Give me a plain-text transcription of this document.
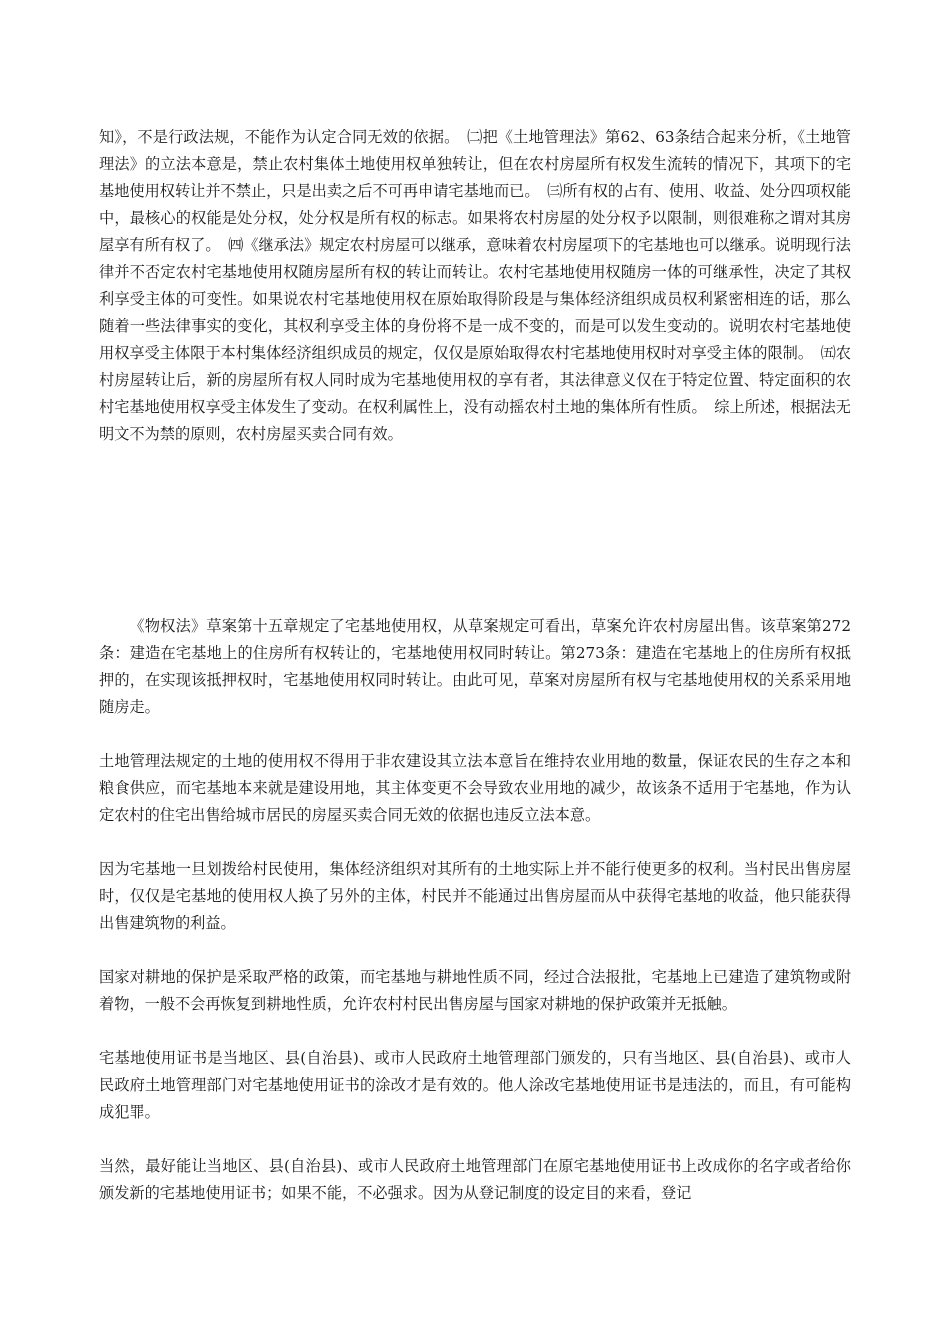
知》，不是行政法规，不能作为认定合同无效的依据。　㈡把《土地管理法》第62、63条结合起来分析，《土地管理法》的立法本意是，禁止农村集体土地使用权单独转让，但在农村房屋所有权发生流转的情况下，其项下的宅基地使用权转让并不禁止，只是出卖之后不可再申请宅基地而已。　㈢所有权的占有、使用、收益、处分四项权能中，最核心的权能是处分权，处分权是所有权的标志。如果将农村房屋的处分权予以限制，则很难称之谓对其房屋享有所有权了。　㈣《继承法》规定农村房屋可以继承，意味着农村房屋项下的宅基地也可以继承。说明现行法律并不否定农村宅基地使用权随房屋所有权的转让而转让。农村宅基地使用权随房一体的可继承性，决定了其权利享受主体的可变性。如果说农村宅基地使用权在原始取得阶段是与集体经济组织成员权利紧密相连的话，那么随着一些法律事实的变化，其权利享受主体的身份将不是一成不变的，而是可以发生变动的。说明农村宅基地使用权享受主体限于本村集体经济组织成员的规定，仅仅是原始取得农村宅基地使用权时对享受主体的限制。　㈤农村房屋转让后，新的房屋所有权人同时成为宅基地使用权的享有者，其法律意义仅在于特定位置、特定面积的农村宅基地使用权享受主体发生了变动。在权利属性上，没有动摇农村土地的集体所有性质。　综上所述，根据法无明文不为禁的原则，农村房屋买卖合同有效。

《物权法》草案第十五章规定了宅基地使用权，从草案规定可看出，草案允许农村房屋出售。该草案第272条：建造在宅基地上的住房所有权转让的，宅基地使用权同时转让。第273条：建造在宅基地上的住房所有权抵押的，在实现该抵押权时，宅基地使用权同时转让。由此可见，草案对房屋所有权与宅基地使用权的关系采用地随房走。

土地管理法规定的土地的使用权不得用于非农建设其立法本意旨在维持农业用地的数量，保证农民的生存之本和粮食供应，而宅基地本来就是建设用地，其主体变更不会导致农业用地的减少，故该条不适用于宅基地，作为认定农村的住宅出售给城市居民的房屋买卖合同无效的依据也违反立法本意。

因为宅基地一旦划拨给村民使用，集体经济组织对其所有的土地实际上并不能行使更多的权利。当村民出售房屋时，仅仅是宅基地的使用权人换了另外的主体，村民并不能通过出售房屋而从中获得宅基地的收益，他只能获得出售建筑物的利益。

国家对耕地的保护是采取严格的政策，而宅基地与耕地性质不同，经过合法报批，宅基地上已建造了建筑物或附着物，一般不会再恢复到耕地性质，允许农村村民出售房屋与国家对耕地的保护政策并无抵触。

宅基地使用证书是当地区、县(自治县)、或市人民政府土地管理部门颁发的，只有当地区、县(自治县)、或市人民政府土地管理部门对宅基地使用证书的涂改才是有效的。他人涂改宅基地使用证书是违法的，而且，有可能构成犯罪。

当然，最好能让当地区、县(自治县)、或市人民政府土地管理部门在原宅基地使用证书上改成你的名字或者给你颁发新的宅基地使用证书；如果不能，不必强求。因为从登记制度的设定目的来看，登记
